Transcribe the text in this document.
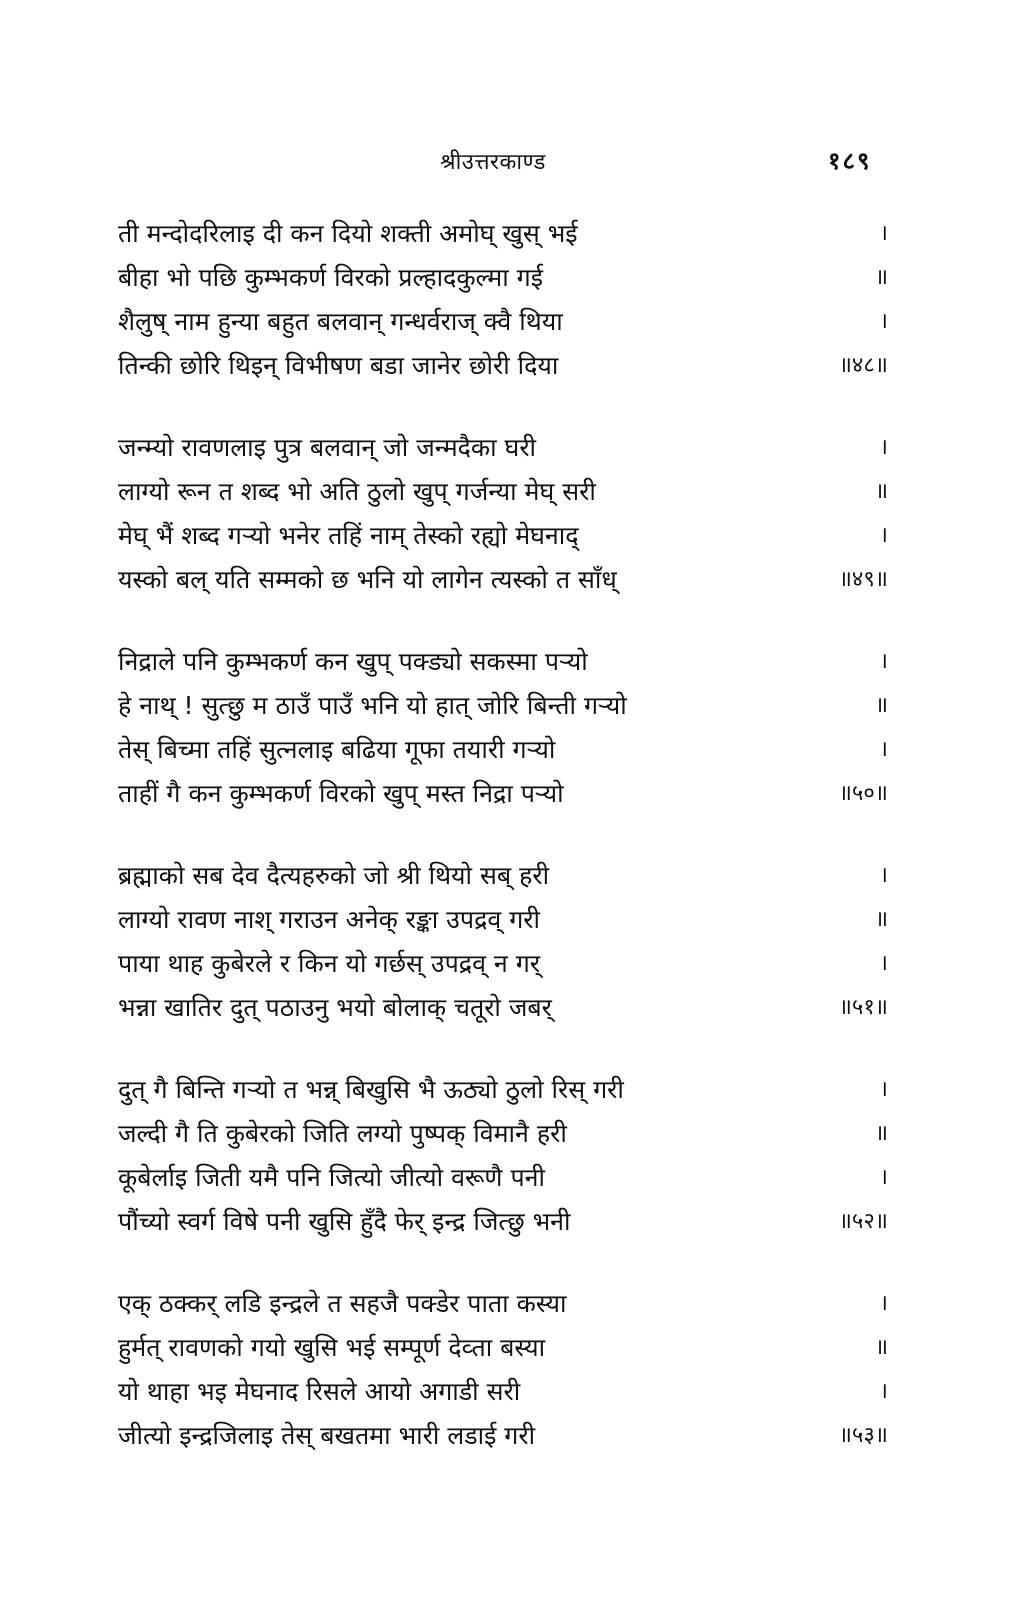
श्रीउत्तरकाण्ड	१८९
ती मन्दोदरिलाइ दी कन दियो शक्ती अमोघ् खुस् भई	।
बीहा भो पछि कुम्भकर्ण विरको प्रल्हादकुल्मा गई	॥
शैलुष् नाम हुन्या बहुत बलवान् गन्धर्वराज् क्वै थिया	।
तिन्की छोरि थिइन् विभीषण बडा जानेर छोरी दिया	॥४८॥
जन्म्यो रावणलाइ पुत्र बलवान् जो जन्मदैका घरी	।
लाग्यो रून त शब्द भो अति ठुलो खुप् गर्जन्या मेघ् सरी	॥
मेघ् भैं शब्द गऱ्यो भनेर तहिं नाम् तेस्को रह्यो मेघनाद्	।
यस्को बल् यति सम्मको छ भनि यो लागेन त्यस्को त साँध्	॥४९॥
निद्राले पनि कुम्भकर्ण कन खुप् पक्ड्यो सकस्मा पऱ्यो	।
हे नाथ् ! सुत्छु म ठाउँ पाउँ भनि यो हात् जोरि बिन्ती गऱ्यो	॥
तेस् बिच्मा तहिं सुत्नलाइ बढिया गूफा तयारी गऱ्यो	।
ताहीं गै कन कुम्भकर्ण विरको खुप् मस्त निद्रा पऱ्यो	॥५०॥
ब्रह्माको सब देव दैत्यहरुको जो श्री थियो सब् हरी	।
लाग्यो रावण नाश् गराउन अनेक् रङ्का उपद्रव् गरी	॥
पाया थाह कुबेरले र किन यो गर्छस् उपद्रव् न गर्	।
भन्ना खातिर दुत् पठाउनु भयो बोलाक् चतूरो जबर्	॥५१॥
दुत् गै बिन्ति गऱ्यो त भन्न् बिखुसि भै ऊठ्यो ठुलो रिस् गरी	।
जल्दी गै ति कुबेरको जिति लग्यो पुष्पक् विमानै हरी	॥
कूबेर्लाइ जिती यमै पनि जित्यो जीत्यो वरूणै पनी	।
पौंच्यो स्वर्ग विषे पनी खुसि हुँदै फेर् इन्द्र जित्छु भनी	॥५२॥
एक् ठक्कर् लडि इन्द्रले त सहजै पक्डेर पाता कस्या	।
हुर्मत् रावणको गयो खुसि भई सम्पूर्ण देव्ता बस्या	॥
यो थाहा भइ मेघनाद रिसले आयो अगाडी सरी	।
जीत्यो इन्द्रजिलाइ तेस् बखतमा भारी लडाई गरी	॥५३॥
